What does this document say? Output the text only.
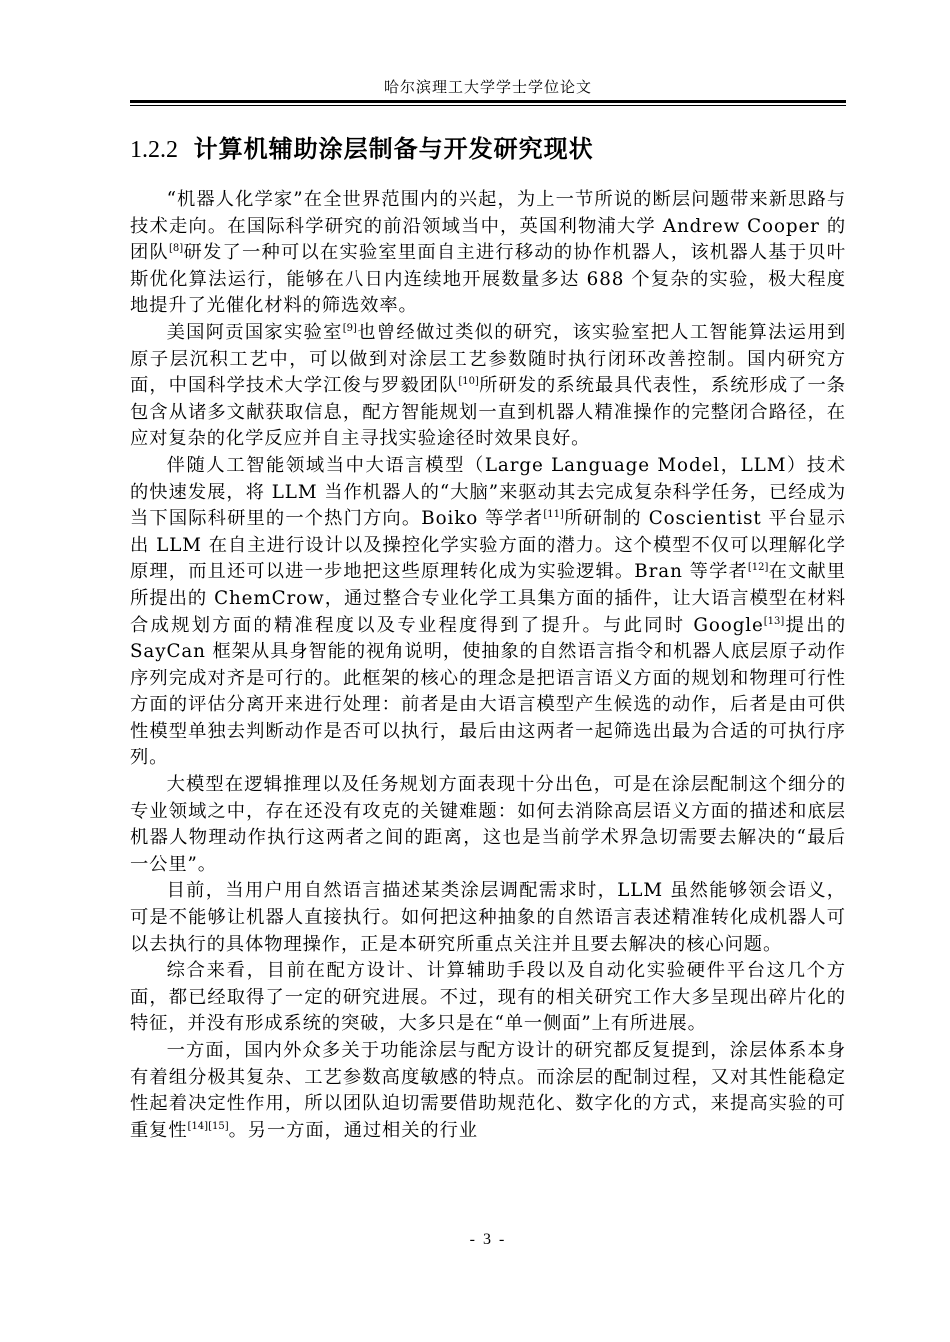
哈尔滨理工大学学士学位论文
1.2.2 计算机辅助涂层制备与开发研究现状

“机器人化学家”在全世界范围内的兴起，为上一节所说的断层问题带来新思路与技术走向。在国际科学研究的前沿领域当中，英国利物浦大学 Andrew Cooper 的团队[8]研发了一种可以在实验室里面自主进行移动的协作机器人，该机器人基于贝叶斯优化算法运行，能够在八日内连续地开展数量多达 688 个复杂的实验，极大程度地提升了光催化材料的筛选效率。

美国阿贡国家实验室[9]也曾经做过类似的研究，该实验室把人工智能算法运用到原子层沉积工艺中，可以做到对涂层工艺参数随时执行闭环改善控制。国内研究方面，中国科学技术大学江俊与罗毅团队[10]所研发的系统最具代表性，系统形成了一条包含从诸多文献获取信息，配方智能规划一直到机器人精准操作的完整闭合路径，在应对复杂的化学反应并自主寻找实验途径时效果良好。

伴随人工智能领域当中大语言模型（Large Language Model，LLM）技术的快速发展，将 LLM 当作机器人的“大脑”来驱动其去完成复杂科学任务，已经成为当下国际科研里的一个热门方向。Boiko 等学者[11]所研制的 Coscientist 平台显示出 LLM 在自主进行设计以及操控化学实验方面的潜力。这个模型不仅可以理解化学原理，而且还可以进一步地把这些原理转化成为实验逻辑。Bran 等学者[12]在文献里所提出的 ChemCrow，通过整合专业化学工具集方面的插件，让大语言模型在材料合成规划方面的精准程度以及专业程度得到了提升。与此同时 Google[13]提出的 SayCan 框架从具身智能的视角说明，使抽象的自然语言指令和机器人底层原子动作序列完成对齐是可行的。此框架的核心的理念是把语言语义方面的规划和物理可行性方面的评估分离开来进行处理：前者是由大语言模型产生候选的动作，后者是由可供性模型单独去判断动作是否可以执行，最后由这两者一起筛选出最为合适的可执行序列。

大模型在逻辑推理以及任务规划方面表现十分出色，可是在涂层配制这个细分的专业领域之中，存在还没有攻克的关键难题：如何去消除高层语义方面的描述和底层机器人物理动作执行这两者之间的距离，这也是当前学术界急切需要去解决的“最后一公里”。

目前，当用户用自然语言描述某类涂层调配需求时，LLM 虽然能够领会语义，可是不能够让机器人直接执行。如何把这种抽象的自然语言表述精准转化成机器人可以去执行的具体物理操作，正是本研究所重点关注并且要去解决的核心问题。

综合来看，目前在配方设计、计算辅助手段以及自动化实验硬件平台这几个方面，都已经取得了一定的研究进展。不过，现有的相关研究工作大多呈现出碎片化的特征，并没有形成系统的突破，大多只是在“单一侧面”上有所进展。

一方面，国内外众多关于功能涂层与配方设计的研究都反复提到，涂层体系本身有着组分极其复杂、工艺参数高度敏感的特点。而涂层的配制过程，又对其性能稳定性起着决定性作用，所以团队迫切需要借助规范化、数字化的方式，来提高实验的可重复性[14][15]。另一方面，通过相关的行业

- 3 -
